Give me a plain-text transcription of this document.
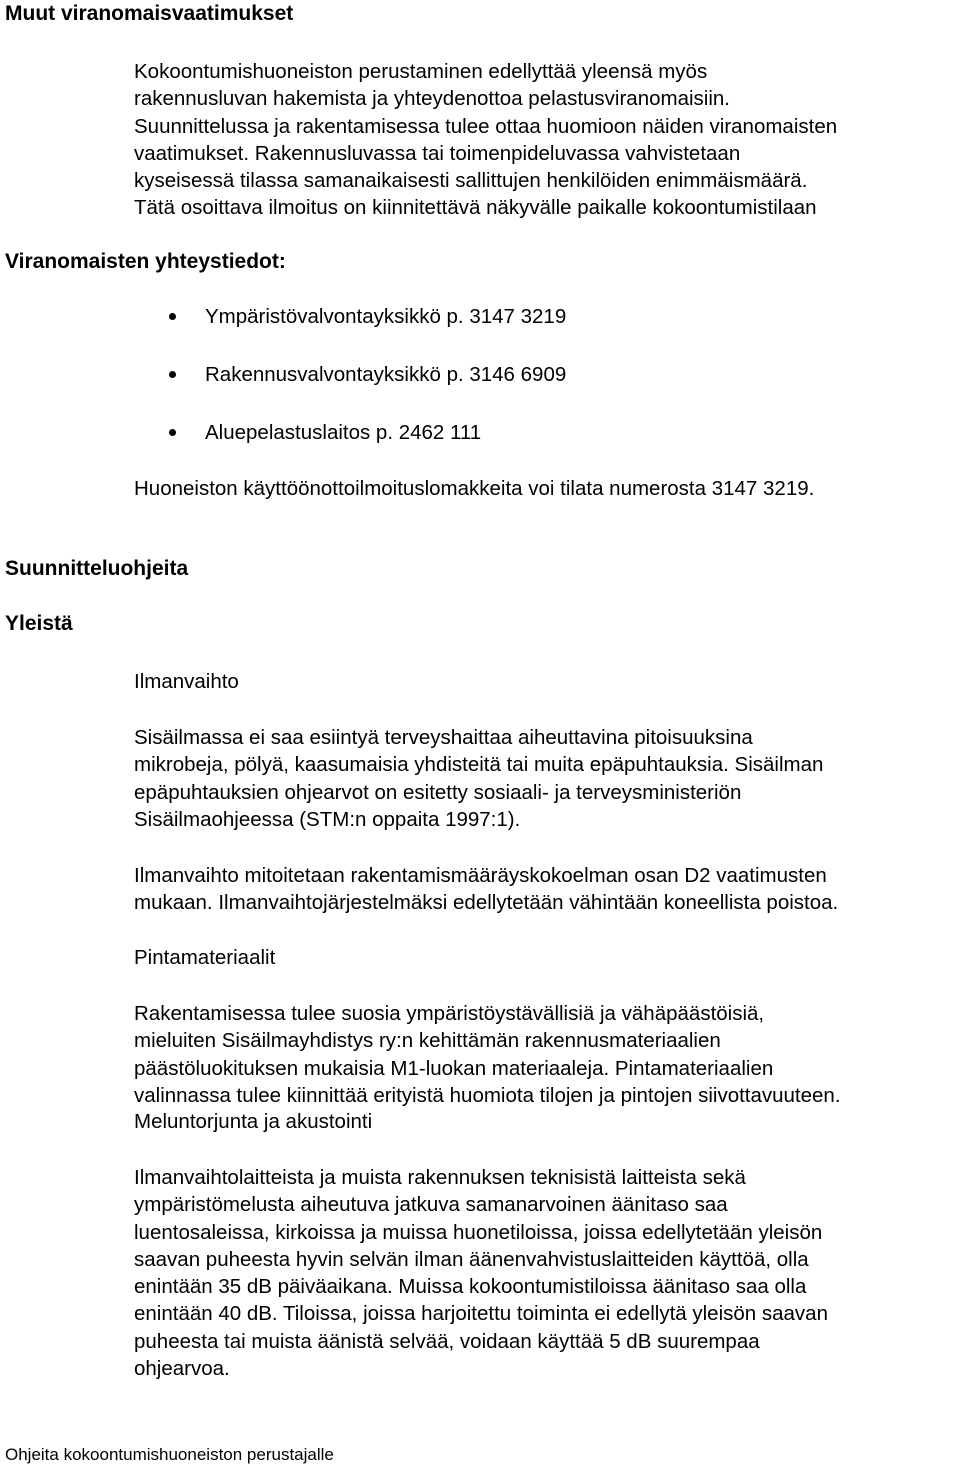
Muut viranomaisvaatimukset
Kokoontumishuoneiston perustaminen edellyttää yleensä myös
rakennusluvan hakemista ja yhteydenottoa pelastusviranomaisiin.
Suunnittelussa ja rakentamisessa tulee ottaa huomioon näiden viranomaisten
vaatimukset. Rakennusluvassa tai toimenpideluvassa vahvistetaan
kyseisessä tilassa samanaikaisesti sallittujen henkilöiden enimmäismäärä.
Tätä osoittava ilmoitus on kiinnitettävä näkyvälle paikalle kokoontumistilaan
Viranomaisten yhteystiedot:
Ympäristövalvontayksikkö p. 3147 3219
Rakennusvalvontayksikkö p. 3146 6909
Aluepelastuslaitos p. 2462 111

Huoneiston käyttöönottoilmoituslomakkeita voi tilata numerosta 3147 3219.

Suunnitteluohjeita
Yleistä

Ilmanvaihto

Sisäilmassa ei saa esiintyä terveyshaittaa aiheuttavina pitoisuuksina
mikrobeja, pölyä, kaasumaisia yhdisteitä tai muita epäpuhtauksia. Sisäilman
epäpuhtauksien ohjearvot on esitetty sosiaali- ja terveysministeriön
Sisäilmaohjeessa (STM:n oppaita 1997:1).
Ilmanvaihto mitoitetaan rakentamismääräyskokoelman osan D2 vaatimusten
mukaan. Ilmanvaihtojärjestelmäksi edellytetään vähintään koneellista poistoa.

Pintamateriaalit

Rakentamisessa tulee suosia ympäristöystävällisiä ja vähäpäästöisiä,
mieluiten Sisäilmayhdistys ry:n kehittämän rakennusmateriaalien
päästöluokituksen mukaisia M1-luokan materiaaleja. Pintamateriaalien
valinnassa tulee kiinnittää erityistä huomiota tilojen ja pintojen siivottavuuteen.

Meluntorjunta ja akustointi

Ilmanvaihtolaitteista ja muista rakennuksen teknisistä laitteista sekä
ympäristömelusta aiheutuva jatkuva samanarvoinen äänitaso saa
luentosaleissa, kirkoissa ja muissa huonetiloissa, joissa edellytetään yleisön
saavan puheesta hyvin selvän ilman äänenvahvistuslaitteiden käyttöä, olla
enintään 35 dB päiväaikana. Muissa kokoontumistiloissa äänitaso saa olla
enintään 40 dB. Tiloissa, joissa harjoitettu toiminta ei edellytä yleisön saavan
puheesta tai muista äänistä selvää, voidaan käyttää 5 dB suurempaa
ohjearvoa.

Ohjeita kokoontumishuoneiston perustajalle
